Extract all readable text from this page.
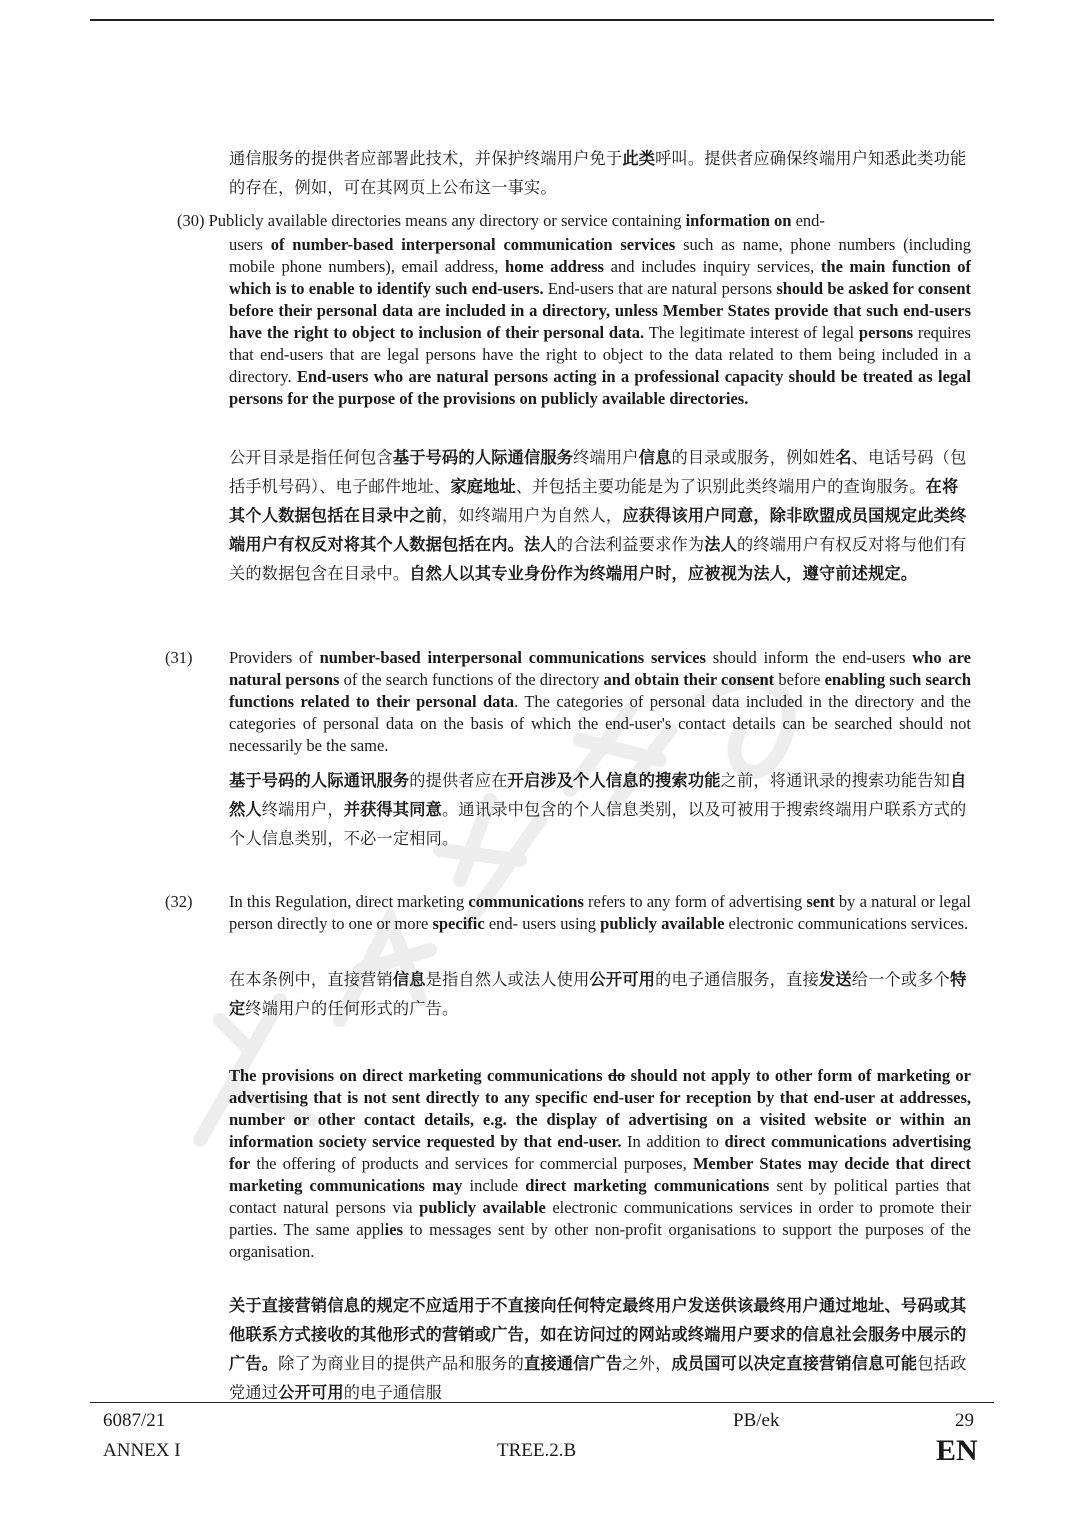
通信服务的提供者应部署此技术，并保护终端用户免于此类呼叫。提供者应确保终端用户知悉此类功能的存在，例如，可在其网页上公布这一事实。
(30) Publicly available directories means any directory or service containing information on end-
users of number-based interpersonal communication services such as name, phone numbers (including mobile phone numbers), email address, home address and includes inquiry services, the main function of which is to enable to identify such end-users. End-users that are natural persons should be asked for consent before their personal data are included in a directory, unless Member States provide that such end-users have the right to object to inclusion of their personal data. The legitimate interest of legal persons requires that end-users that are legal persons have the right to object to the data related to them being included in a directory. End-users who are natural persons acting in a professional capacity should be treated as legal persons for the purpose of the provisions on publicly available directories.
公开目录是指任何包含基于号码的人际通信服务终端用户信息的目录或服务，例如姓名、电话号码（包括手机号码）、电子邮件地址、家庭地址、并包括主要功能是为了识别此类终端用户的查询服务。在将其个人数据包括在目录中之前，如终端用户为自然人，应获得该用户同意，除非欧盟成员国规定此类终端用户有权反对将其个人数据包括在内。法人的合法利益要求作为法人的终端用户有权反对将与他们有关的数据包含在目录中。自然人以其专业身份作为终端用户时，应被视为法人，遵守前述规定。
(31) Providers of number-based interpersonal communications services should inform the end-users who are natural persons of the search functions of the directory and obtain their consent before enabling such search functions related to their personal data. The categories of personal data included in the directory and the categories of personal data on the basis of which the end-user's contact details can be searched should not necessarily be the same.
基于号码的人际通讯服务的提供者应在开启涉及个人信息的搜索功能之前，将通讯录的搜索功能告知自然人终端用户，并获得其同意。通讯录中包含的个人信息类别，以及可被用于搜索终端用户联系方式的个人信息类别，不必一定相同。
(32) In this Regulation, direct marketing communications refers to any form of advertising sent by a natural or legal person directly to one or more specific end- users using publicly available electronic communications services.
在本条例中，直接营销信息是指自然人或法人使用公开可用的电子通信服务，直接发送给一个或多个特定终端用户的任何形式的广告。
The provisions on direct marketing communications do should not apply to other form of marketing or advertising that is not sent directly to any specific end-user for reception by that end-user at addresses, number or other contact details, e.g. the display of advertising on a visited website or within an information society service requested by that end-user. In addition to direct communications advertising for the offering of products and services for commercial purposes, Member States may decide that direct marketing communications may include direct marketing communications sent by political parties that contact natural persons via publicly available electronic communications services in order to promote their parties. The same applies to messages sent by other non-profit organisations to support the purposes of the organisation.
关于直接营销信息的规定不应适用于不直接向任何特定最终用户发送供该最终用户通过地址、号码或其他联系方式接收的其他形式的营销或广告，如在访问过的网站或终端用户要求的信息社会服务中展示的广告。除了为商业目的提供产品和服务的直接通信广告之外，成员国可以决定直接营销信息可能包括政党通过公开可用的电子通信服
6087/21
ANNEX I
PB/ek
TREE.2.B
29
EN
